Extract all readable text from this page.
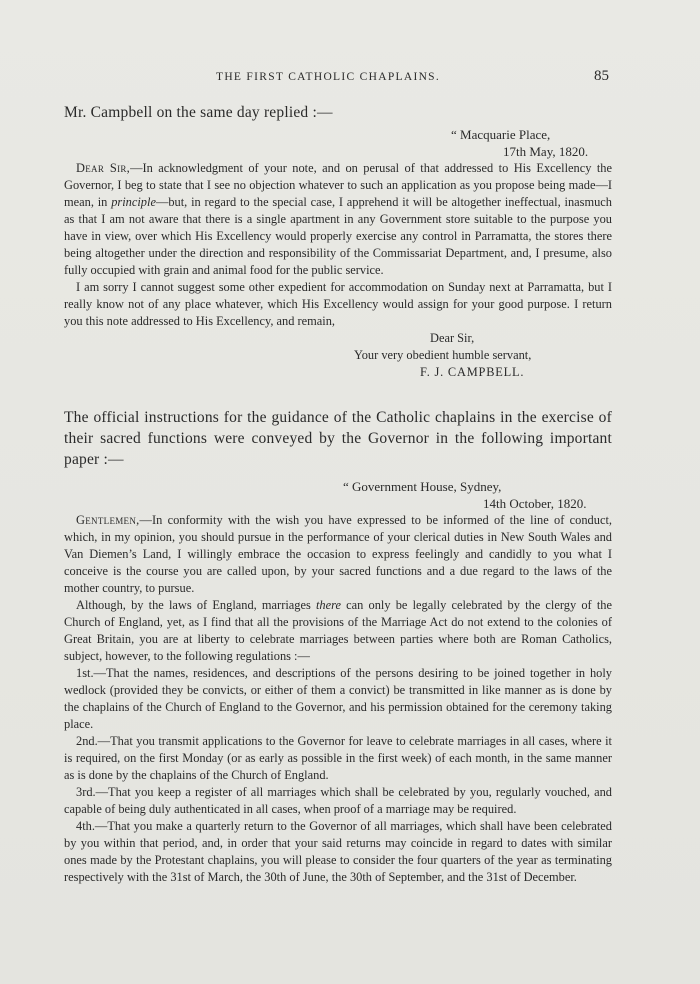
THE FIRST CATHOLIC CHAPLAINS.	85

Mr. Campbell on the same day replied :—

“ Macquarie Place,
17th May, 1820.

Dear Sir,—In acknowledgment of your note, and on perusal of that addressed to His Excellency the Governor, I beg to state that I see no objection whatever to such an application as you propose being made—I mean, in principle—but, in regard to the special case, I apprehend it will be altogether ineffectual, inasmuch as that I am not aware that there is a single apartment in any Government store suitable to the purpose you have in view, over which His Excellency would properly exercise any control in Parramatta, the stores there being altogether under the direction and responsibility of the Commissariat Department, and, I presume, also fully occupied with grain and animal food for the public service.

I am sorry I cannot suggest some other expedient for accommodation on Sunday next at Parramatta, but I really know not of any place whatever, which His Excellency would assign for your good purpose. I return you this note addressed to His Excellency, and remain,

Dear Sir,
Your very obedient humble servant,
F. J. CAMPBELL.

The official instructions for the guidance of the Catholic chaplains in the exercise of their sacred functions were conveyed by the Governor in the following important paper :—

“ Government House, Sydney,
14th October, 1820.

Gentlemen,—In conformity with the wish you have expressed to be informed of the line of conduct, which, in my opinion, you should pursue in the performance of your clerical duties in New South Wales and Van Diemen’s Land, I willingly embrace the occasion to express feelingly and candidly to you what I conceive is the course you are called upon, by your sacred functions and a due regard to the laws of the mother country, to pursue.

Although, by the laws of England, marriages there can only be legally celebrated by the clergy of the Church of England, yet, as I find that all the provisions of the Marriage Act do not extend to the colonies of Great Britain, you are at liberty to celebrate marriages between parties where both are Roman Catholics, subject, however, to the following regulations :—

1st.—That the names, residences, and descriptions of the persons desiring to be joined together in holy wedlock (provided they be convicts, or either of them a convict) be transmitted in like manner as is done by the chaplains of the Church of England to the Governor, and his permission obtained for the ceremony taking place.

2nd.—That you transmit applications to the Governor for leave to celebrate marriages in all cases, where it is required, on the first Monday (or as early as possible in the first week) of each month, in the same manner as is done by the chaplains of the Church of England.

3rd.—That you keep a register of all marriages which shall be celebrated by you, regularly vouched, and capable of being duly authenticated in all cases, when proof of a marriage may be required.

4th.—That you make a quarterly return to the Governor of all marriages, which shall have been celebrated by you within that period, and, in order that your said returns may coincide in regard to dates with similar ones made by the Protestant chaplains, you will please to consider the four quarters of the year as terminating respectively with the 31st of March, the 30th of June, the 30th of September, and the 31st of December.
